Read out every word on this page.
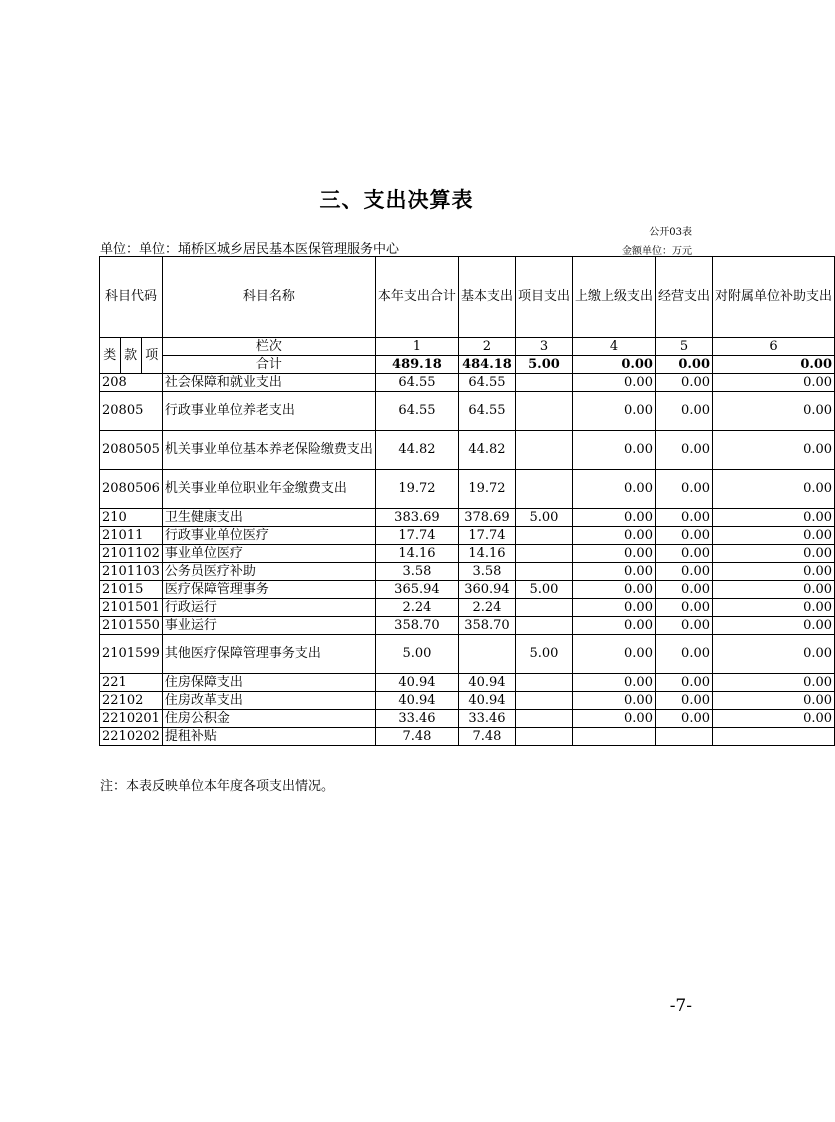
三、支出决算表
公开03表
单位：单位：埇桥区城乡居民基本医保管理服务中心	金额单位：万元
科目代码			科目名称	本年支出合计	基本支出	项目支出	上缴上级支出	经营支出	对附属单位补助支出
类	款	项	栏次	1	2	3	4	5	6
			合计	489.18	484.18	5.00	0.00	0.00	0.00
208			社会保障和就业支出	64.55	64.55		0.00	0.00	0.00
20805			行政事业单位养老支出	64.55	64.55		0.00	0.00	0.00
2080505			机关事业单位基本养老保险缴费支出	44.82	44.82		0.00	0.00	0.00
2080506			机关事业单位职业年金缴费支出	19.72	19.72		0.00	0.00	0.00
210			卫生健康支出	383.69	378.69	5.00	0.00	0.00	0.00
21011			行政事业单位医疗	17.74	17.74		0.00	0.00	0.00
2101102			事业单位医疗	14.16	14.16		0.00	0.00	0.00
2101103			公务员医疗补助	3.58	3.58		0.00	0.00	0.00
21015			医疗保障管理事务	365.94	360.94	5.00	0.00	0.00	0.00
2101501			行政运行	2.24	2.24		0.00	0.00	0.00
2101550			事业运行	358.70	358.70		0.00	0.00	0.00
2101599			其他医疗保障管理事务支出	5.00		5.00	0.00	0.00	0.00
221			住房保障支出	40.94	40.94		0.00	0.00	0.00
22102			住房改革支出	40.94	40.94		0.00	0.00	0.00
2210201			住房公积金	33.46	33.46		0.00	0.00	0.00
2210202			提租补贴	7.48	7.48				
注：本表反映单位本年度各项支出情况。
-7-
